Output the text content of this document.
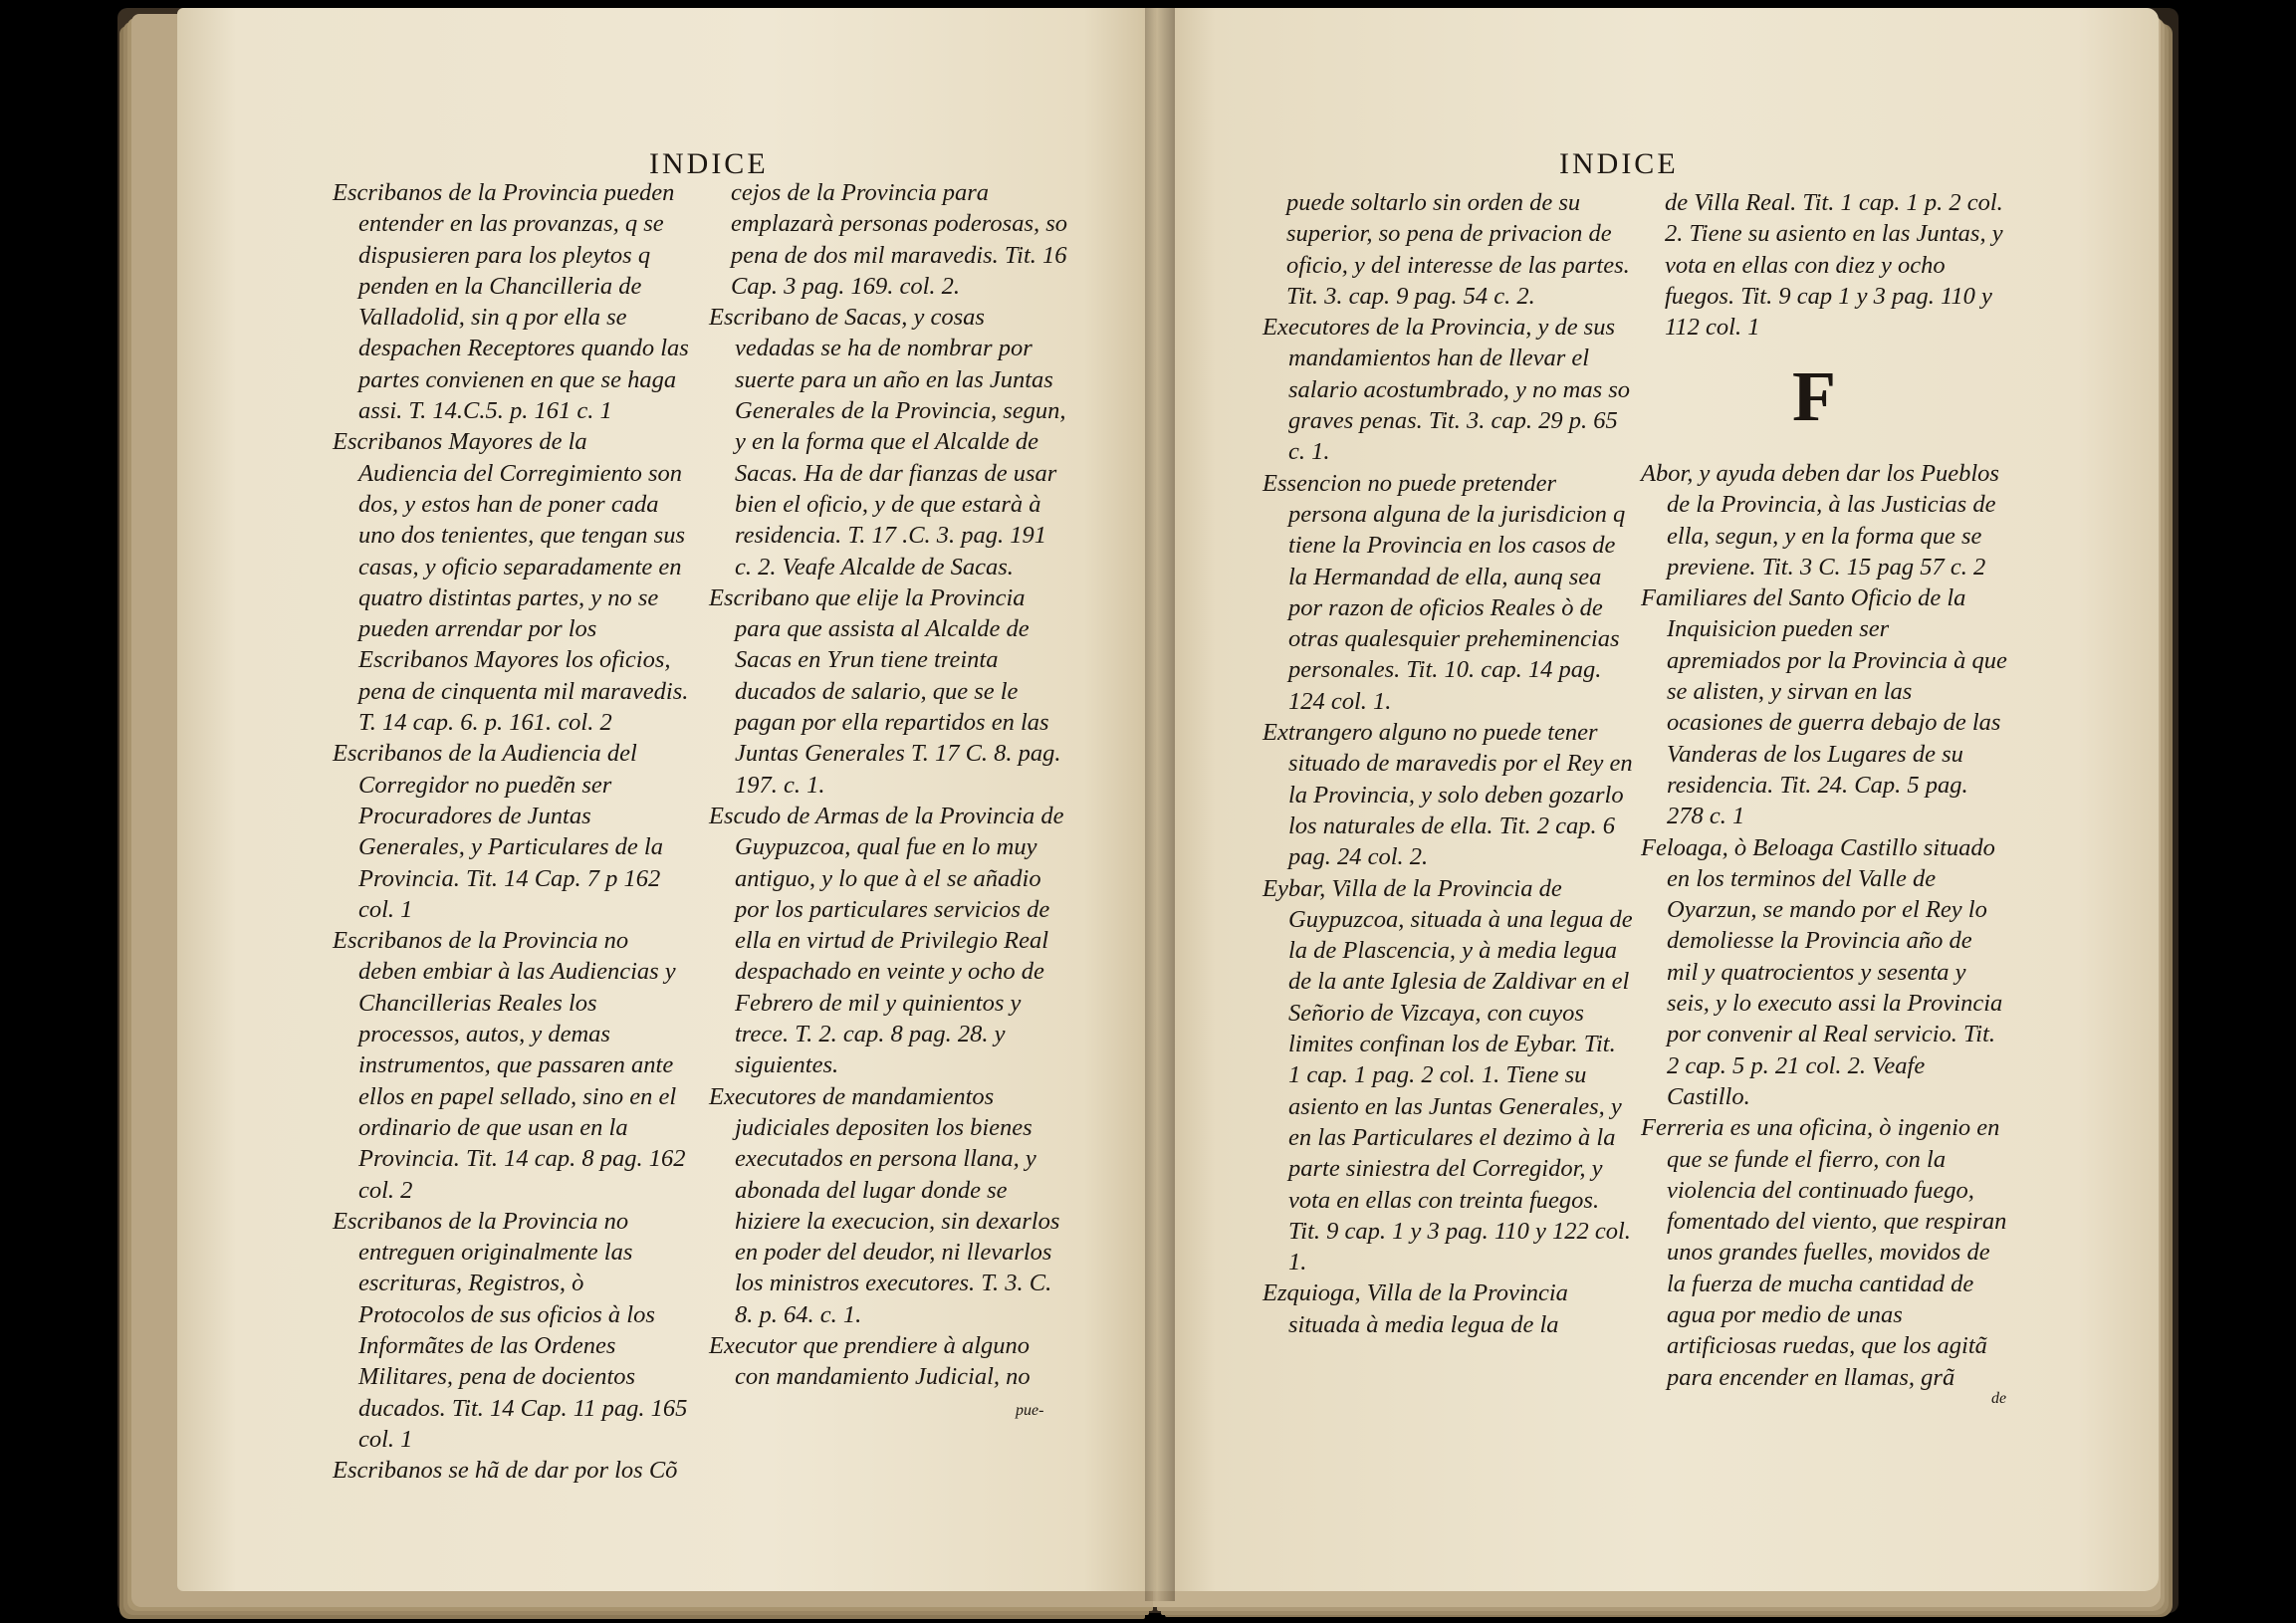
INDICE	INDICE

Escribanos de la Provincia pueden entender en las provanzas, q se dispusieren para los pleytos q penden en la Chancilleria de Valladolid, sin q por ella se despachen Receptores quando las partes convienen en que se haga assi. T. 14.C.5. p. 161 c. 1

Escribanos Mayores de la Audiencia del Corregimiento son dos, y estos han de poner cada uno dos tenientes, que tengan sus casas, y oficio separadamente en quatro distintas partes, y no se pueden arrendar por los Escribanos Mayores los oficios, pena de cinquenta mil maravedis. T. 14 cap. 6. p. 161. col. 2

Escribanos de la Audiencia del Corregidor no puedẽn ser Procuradores de Juntas Generales, y Particulares de la Provincia. Tit. 14 Cap. 7 p 162 col. 1

Escribanos de la Provincia no deben embiar à las Audiencias y Chancillerias Reales los processos, autos, y demas instrumentos, que passaren ante ellos en papel sellado, sino en el ordinario de que usan en la Provincia. Tit. 14 cap. 8 pag. 162 col. 2

Escribanos de la Provincia no entreguen originalmente las escrituras, Registros, ò Protocolos de sus oficios à los Informãtes de las Ordenes Militares, pena de docientos ducados. Tit. 14 Cap. 11 pag. 165 col. 1

Escribanos se hã de dar por los Cõ

cejos de la Provincia para emplazarà personas poderosas, so pena de dos mil maravedis. Tit. 16 Cap. 3 pag. 169. col. 2.

Escribano de Sacas, y cosas vedadas se ha de nombrar por suerte para un año en las Juntas Generales de la Provincia, segun, y en la forma que el Alcalde de Sacas. Ha de dar fianzas de usar bien el oficio, y de que estarà à residencia. T. 17 .C. 3. pag. 191 c. 2. Veafe Alcalde de Sacas.

Escribano que elije la Provincia para que assista al Alcalde de Sacas en Yrun tiene treinta ducados de salario, que se le pagan por ella repartidos en las Juntas Generales T. 17 C. 8. pag. 197. c. 1.

Escudo de Armas de la Provincia de Guypuzcoa, qual fue en lo muy antiguo, y lo que à el se añadio por los particulares servicios de ella en virtud de Privilegio Real despachado en veinte y ocho de Febrero de mil y quinientos y trece. T. 2. cap. 8 pag. 28. y siguientes.

Executores de mandamientos judiciales depositen los bienes executados en persona llana, y abonada del lugar donde se hiziere la execucion, sin dexarlos en poder del deudor, ni llevarlos los ministros executores. T. 3. C. 8. p. 64. c. 1.

Executor que prendiere à alguno con mandamiento Judicial, no

pue-

puede soltarlo sin orden de su superior, so pena de privacion de oficio, y del interesse de las partes. Tit. 3. cap. 9 pag. 54 c. 2.

Executores de la Provincia, y de sus mandamientos han de llevar el salario acostumbrado, y no mas so graves penas. Tit. 3. cap. 29 p. 65 c. 1.

Essencion no puede pretender persona alguna de la jurisdicion q tiene la Provincia en los casos de la Hermandad de ella, aunq sea por razon de oficios Reales ò de otras qualesquier preheminencias personales. Tit. 10. cap. 14 pag. 124 col. 1.

Extrangero alguno no puede tener situado de maravedis por el Rey en la Provincia, y solo deben gozarlo los naturales de ella. Tit. 2 cap. 6 pag. 24 col. 2.

Eybar, Villa de la Provincia de Guypuzcoa, situada à una legua de la de Plascencia, y à media legua de la ante Iglesia de Zaldivar en el Señorio de Vizcaya, con cuyos limites confinan los de Eybar. Tit. 1 cap. 1 pag. 2 col. 1. Tiene su asiento en las Juntas Generales, y en las Particulares el dezimo à la parte siniestra del Corregidor, y vota en ellas con treinta fuegos. Tit. 9 cap. 1 y 3 pag. 110 y 122 col. 1.

Ezquioga, Villa de la Provincia situada à media legua de la

de Villa Real. Tit. 1 cap. 1 p. 2 col. 2. Tiene su asiento en las Juntas, y vota en ellas con diez y ocho fuegos. Tit. 9 cap 1 y 3 pag. 110 y 112 col. 1

F

Abor, y ayuda deben dar los Pueblos de la Provincia, à las Justicias de ella, segun, y en la forma que se previene. Tit. 3 C. 15 pag 57 c. 2

Familiares del Santo Oficio de la Inquisicion pueden ser apremiados por la Provincia à que se alisten, y sirvan en las ocasiones de guerra debajo de las Vanderas de los Lugares de su residencia. Tit. 24. Cap. 5 pag. 278 c. 1

Feloaga, ò Beloaga Castillo situado en los terminos del Valle de Oyarzun, se mando por el Rey lo demoliesse la Provincia año de mil y quatrocientos y sesenta y seis, y lo executo assi la Provincia por convenir al Real servicio. Tit. 2 cap. 5 p. 21 col. 2. Veafe Castillo.

Ferreria es una oficina, ò ingenio en que se funde el fierro, con la violencia del continuado fuego, fomentado del viento, que respiran unos grandes fuelles, movidos de la fuerza de mucha cantidad de agua por medio de unas artificiosas ruedas, que los agitã para encender en llamas, grã

de
